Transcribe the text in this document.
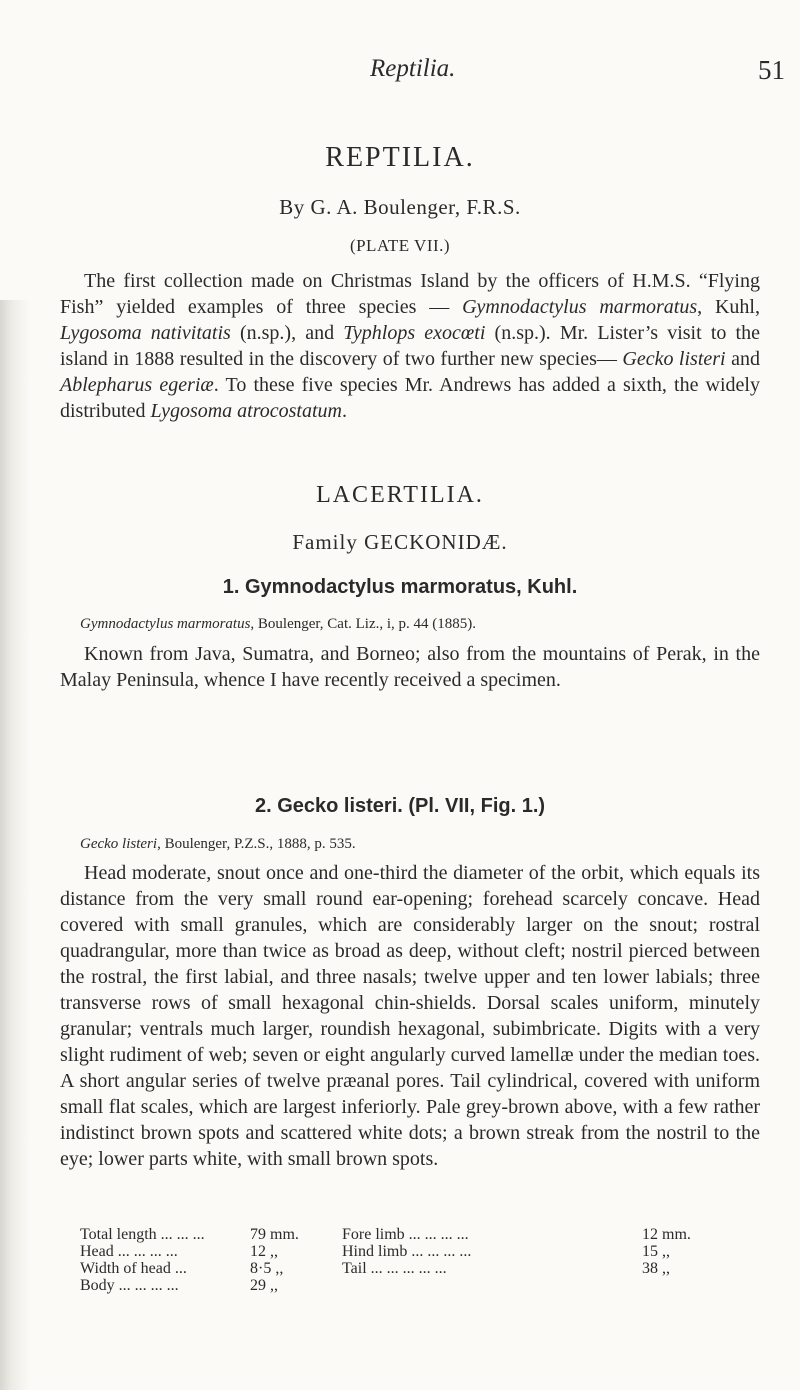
Reptilia.	51
REPTILIA.
By G. A. Boulenger, F.R.S.
(PLATE VII.)

The first collection made on Christmas Island by the officers of H.M.S. “Flying Fish” yielded examples of three species — Gymnodactylus marmoratus, Kuhl, Lygosoma nativitatis (n.sp.), and Typhlops exocœti (n.sp.). Mr. Lister’s visit to the island in 1888 resulted in the discovery of two further new species— Gecko listeri and Ablepharus egeriæ. To these five species Mr. Andrews has added a sixth, the widely distributed Lygosoma atrocostatum.

LACERTILIA.
Family GECKONIDÆ.
1. Gymnodactylus marmoratus, Kuhl.
Gymnodactylus marmoratus, Boulenger, Cat. Liz., i, p. 44 (1885).

Known from Java, Sumatra, and Borneo; also from the mountains of Perak, in the Malay Peninsula, whence I have recently received a specimen.

2. Gecko listeri. (Pl. VII, Fig. 1.)
Gecko listeri, Boulenger, P.Z.S., 1888, p. 535.

Head moderate, snout once and one-third the diameter of the orbit, which equals its distance from the very small round ear-opening; forehead scarcely concave. Head covered with small granules, which are considerably larger on the snout; rostral quadrangular, more than twice as broad as deep, without cleft; nostril pierced between the rostral, the first labial, and three nasals; twelve upper and ten lower labials; three transverse rows of small hexagonal chin-shields. Dorsal scales uniform, minutely granular; ventrals much larger, roundish hexagonal, subimbricate. Digits with a very slight rudiment of web; seven or eight angularly curved lamellæ under the median toes. A short angular series of twelve præanal pores. Tail cylindrical, covered with uniform small flat scales, which are largest inferiorly. Pale grey-brown above, with a few rather indistinct brown spots and scattered white dots; a brown streak from the nostril to the eye; lower parts white, with small brown spots.

Total length ... ... ...	79 mm.	Fore limb ... ... ... ...	12 mm.
Head ... ... ... ...	12 ,,	Hind limb ... ... ... ...	15 ,,
Width of head ...	8·5 ,,	Tail ... ... ... ... ...	38 ,,
Body ... ... ... ...	29 ,,
